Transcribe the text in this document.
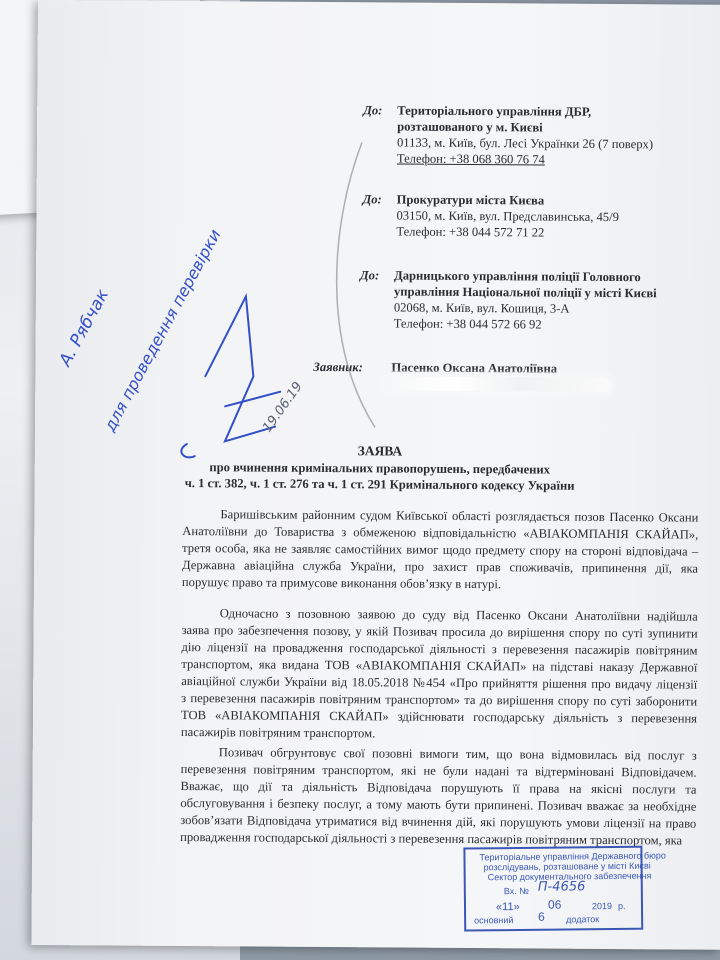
До: Територіального управління ДБР,
розташованого у м. Києві
01133, м. Київ, бул. Лесі Українки 26 (7 поверх)
Телефон: +38 068 360 76 74
До: Прокуратури міста Києва
03150, м. Київ, вул. Предславинська, 45/9
Телефон: +38 044 572 71 22
До: Дарницького управління поліції Головного
управління Національної поліції у місті Києві
02068, м. Київ, вул. Кошиця, 3-А
Телефон: +38 044 572 66 92
Заявник: Пасенко Оксана Анатоліївна
ЗАЯВА
про вчинення кримінальних правопорушень, передбачених
ч. 1 ст. 382, ч. 1 ст. 276 та ч. 1 ст. 291 Кримінального кодексу України
Баришівським районним судом Київської області розглядається позов Пасенко Оксани
Анатоліївни до Товариства з обмеженою відповідальністю «АВІАКОМПАНІЯ СКАЙАП»,
третя особа, яка не заявляє самостійних вимог щодо предмету спору на стороні відповідача –
Державна авіаційна служба України, про захист прав споживачів, припинення дії, яка
порушує право та примусове виконання обов’язку в натурі.
Одночасно з позовною заявою до суду від Пасенко Оксани Анатоліївни надійшла
заява про забезпечення позову, у якій Позивач просила до вирішення спору по суті зупинити
дію ліцензії на провадження господарської діяльності з перевезення пасажирів повітряним
транспортом, яка видана ТОВ «АВІАКОМПАНІЯ СКАЙАП» на підставі наказу Державної
авіаційної служби України від 18.05.2018 №454 «Про прийняття рішення про видачу ліцензії
з перевезення пасажирів повітряним транспортом» та до вирішення спору по суті заборонити
ТОВ «АВІАКОМПАНІЯ СКАЙАП» здійснювати господарську діяльність з перевезення
пасажирів повітряним транспортом.
Позивач обгрунтовує свої позовні вимоги тим, що вона відмовилась від послуг з
перевезення повітряним транспортом, які не були надані та відтерміновані Відповідачем.
Вважає, що дії та діяльність Відповідача порушують її права на якісні послуги та
обслуговування і безпеку послуг, а тому мають бути припинені. Позивач вважає за необхідне
зобов’язати Відповідача утриматися від вчинення дій, які порушують умови ліцензії на право
провадження господарської діяльності з перевезення пасажирів повітряним транспортом, яка
А. Рябчак
для проведення перевірки	19.06.19
Територіальне управління Державного бюро
розслідувань, розташоване у місті Києві
Сектор документального забезпечення
Вх. № П-4656
«11» 06	2019 р.
основний 6 додаток
